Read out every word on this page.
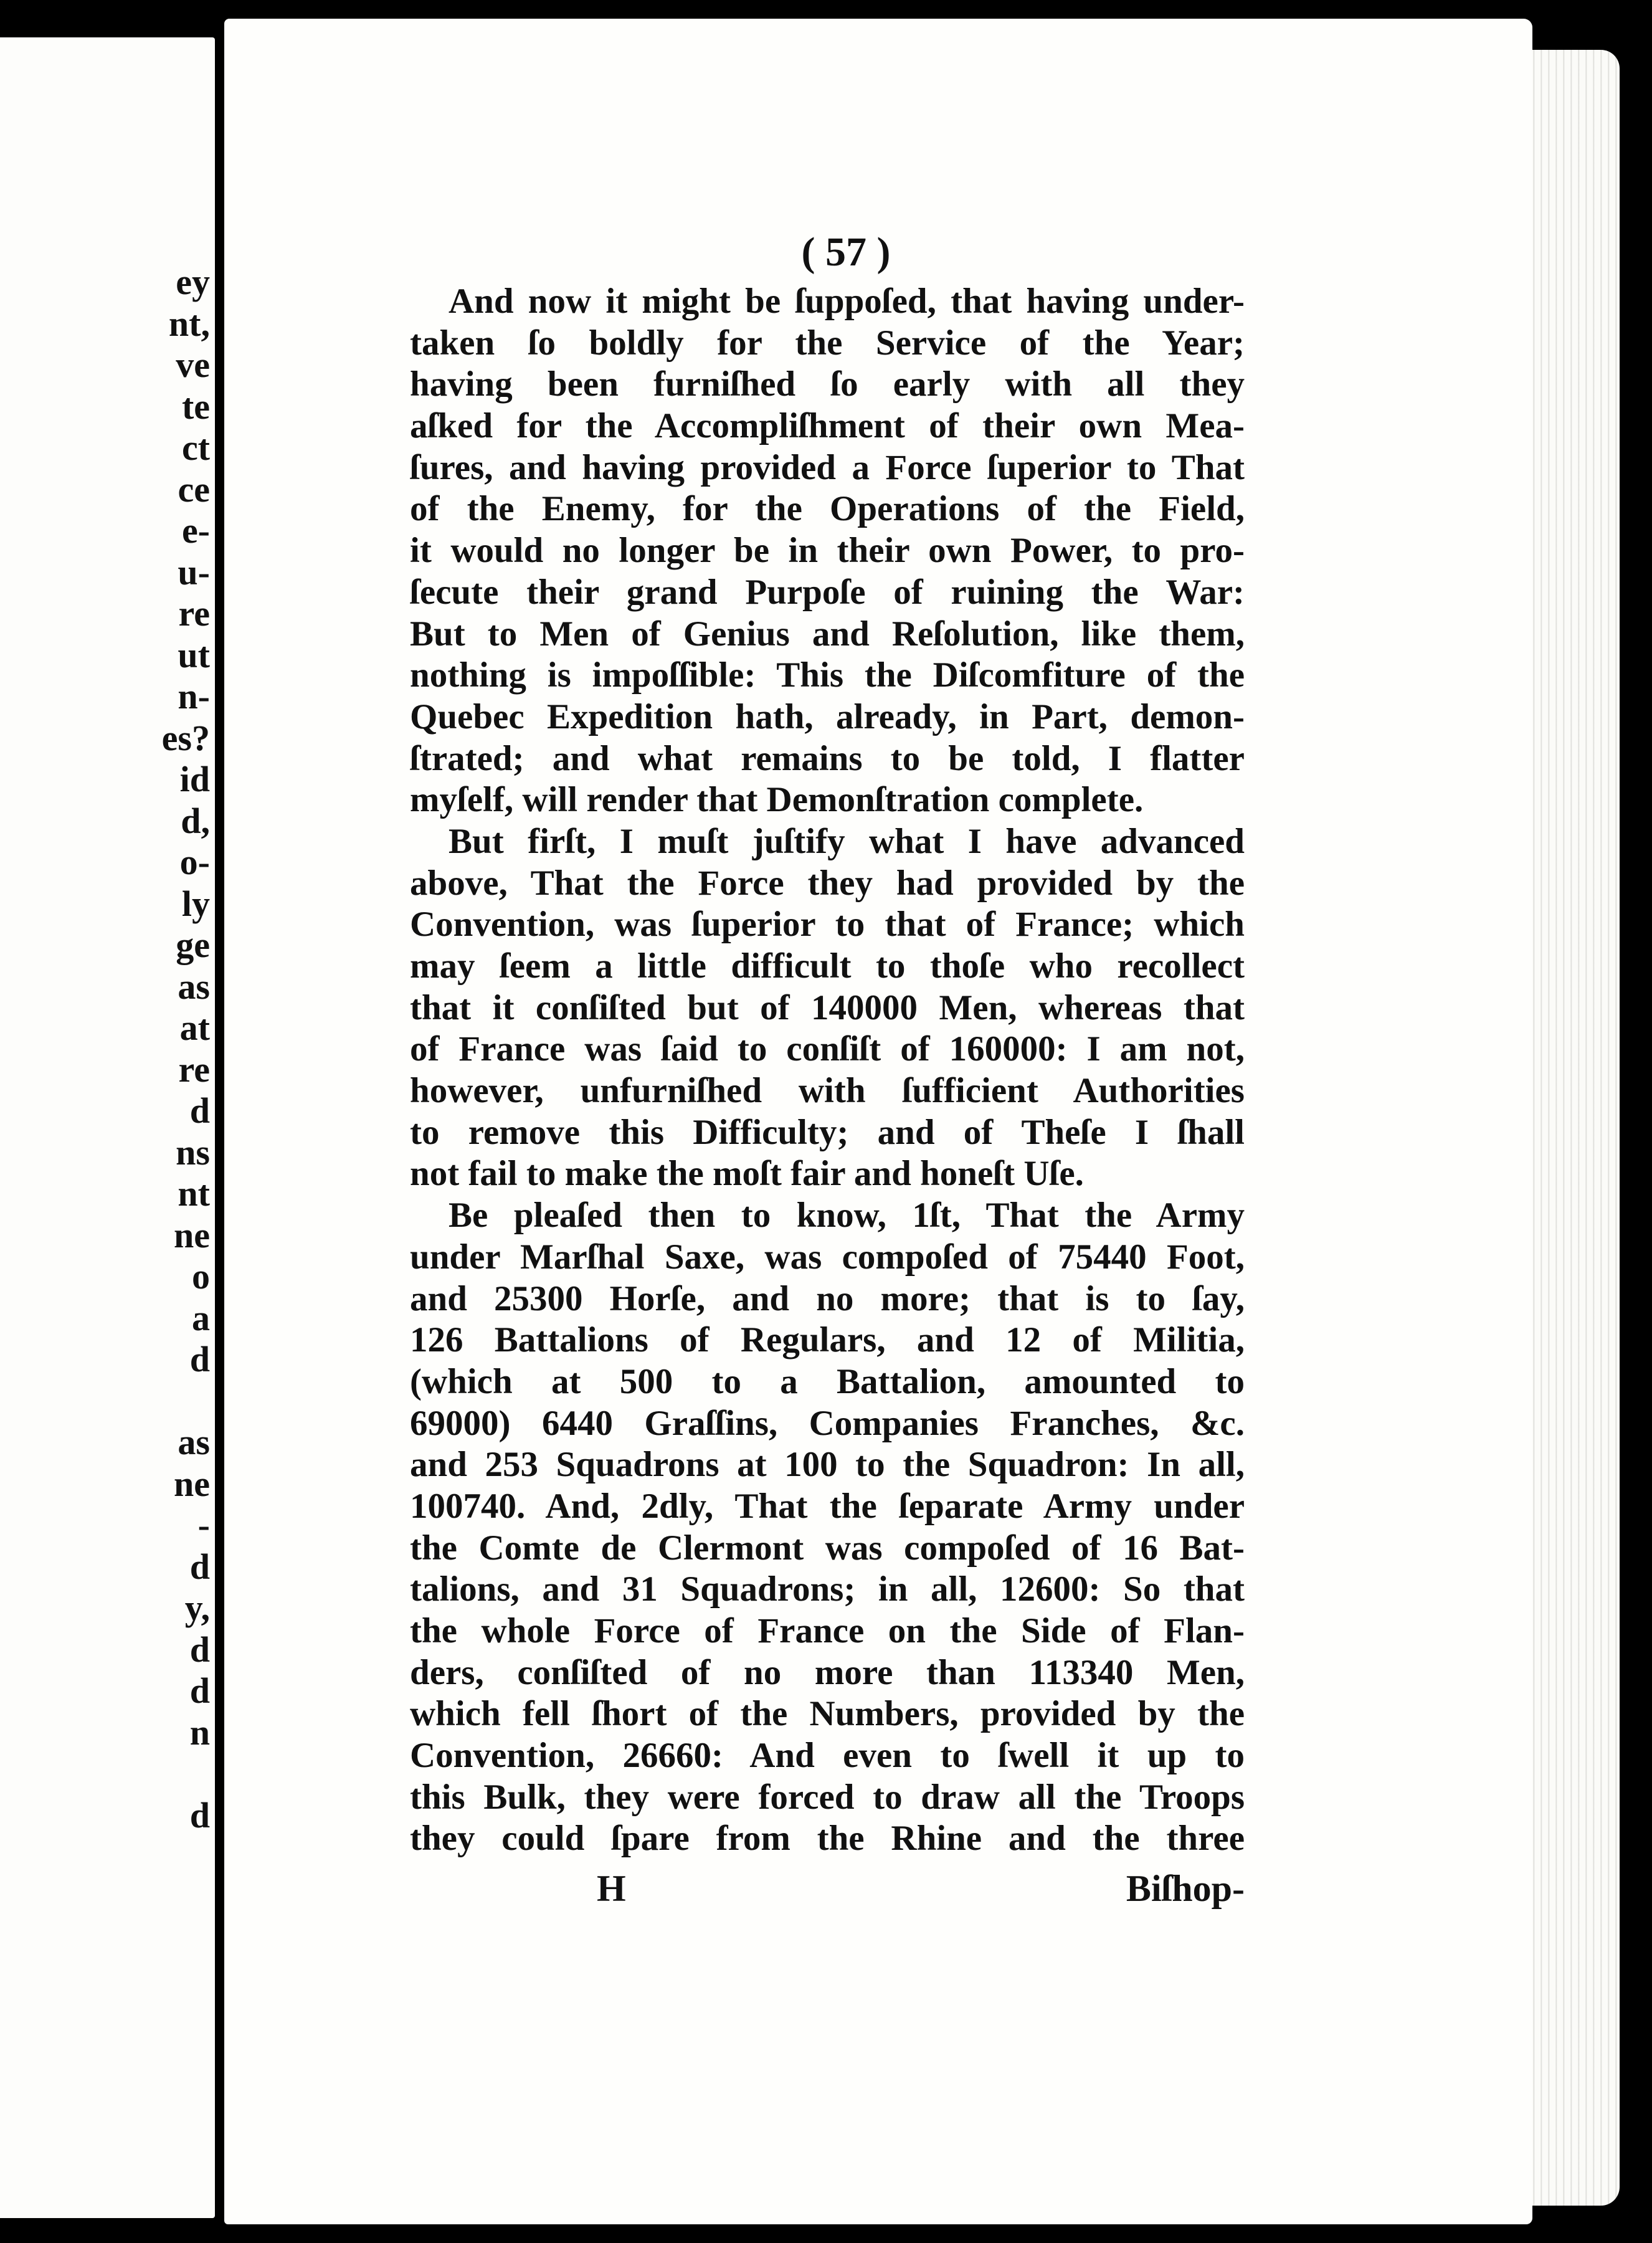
ey
nt,
ve
te
ct
ce
e-
u-
re
ut
n-
es?
id
d,
o-
ly
ge
as
at
re
d
ns
nt
ne
o
a
d
as
ne
-
d
y,
d
d
n
d
( 57 )
And now it might be ſuppoſed, that having under-
taken ſo boldly for the Service of the Year;
having been furniſhed ſo early with all they
aſked for the Accompliſhment of their own Mea-
ſures, and having provided a Force ſuperior to That
of the Enemy, for the Operations of the Field,
it would no longer be in their own Power, to pro-
ſecute their grand Purpoſe of ruining the War:
But to Men of Genius and Reſolution, like them,
nothing is impoſſible: This the Diſcomfiture of the
Quebec Expedition hath, already, in Part, demon-
ſtrated; and what remains to be told, I flatter
myſelf, will render that Demonſtration complete.
But firſt, I muſt juſtify what I have advanced
above, That the Force they had provided by the
Convention, was ſuperior to that of France; which
may ſeem a little difficult to thoſe who recollect
that it conſiſted but of 140000 Men, whereas that
of France was ſaid to conſiſt of 160000: I am not,
however, unfurniſhed with ſufficient Authorities
to remove this Difficulty; and of Theſe I ſhall
not fail to make the moſt fair and honeſt Uſe.
Be pleaſed then to know, 1ſt, That the Army
under Marſhal Saxe, was compoſed of 75440 Foot,
and 25300 Horſe, and no more; that is to ſay,
126 Battalions of Regulars, and 12 of Militia,
(which at 500 to a Battalion, amounted to
69000) 6440 Graſſins, Companies Franches, &c.
and 253 Squadrons at 100 to the Squadron: In all,
100740. And, 2dly, That the ſeparate Army under
the Comte de Clermont was compoſed of 16 Bat-
talions, and 31 Squadrons; in all, 12600: So that
the whole Force of France on the Side of Flan-
ders, conſiſted of no more than 113340 Men,
which fell ſhort of the Numbers, provided by the
Convention, 26660: And even to ſwell it up to
this Bulk, they were forced to draw all the Troops
they could ſpare from the Rhine and the three
H	Biſhop-
